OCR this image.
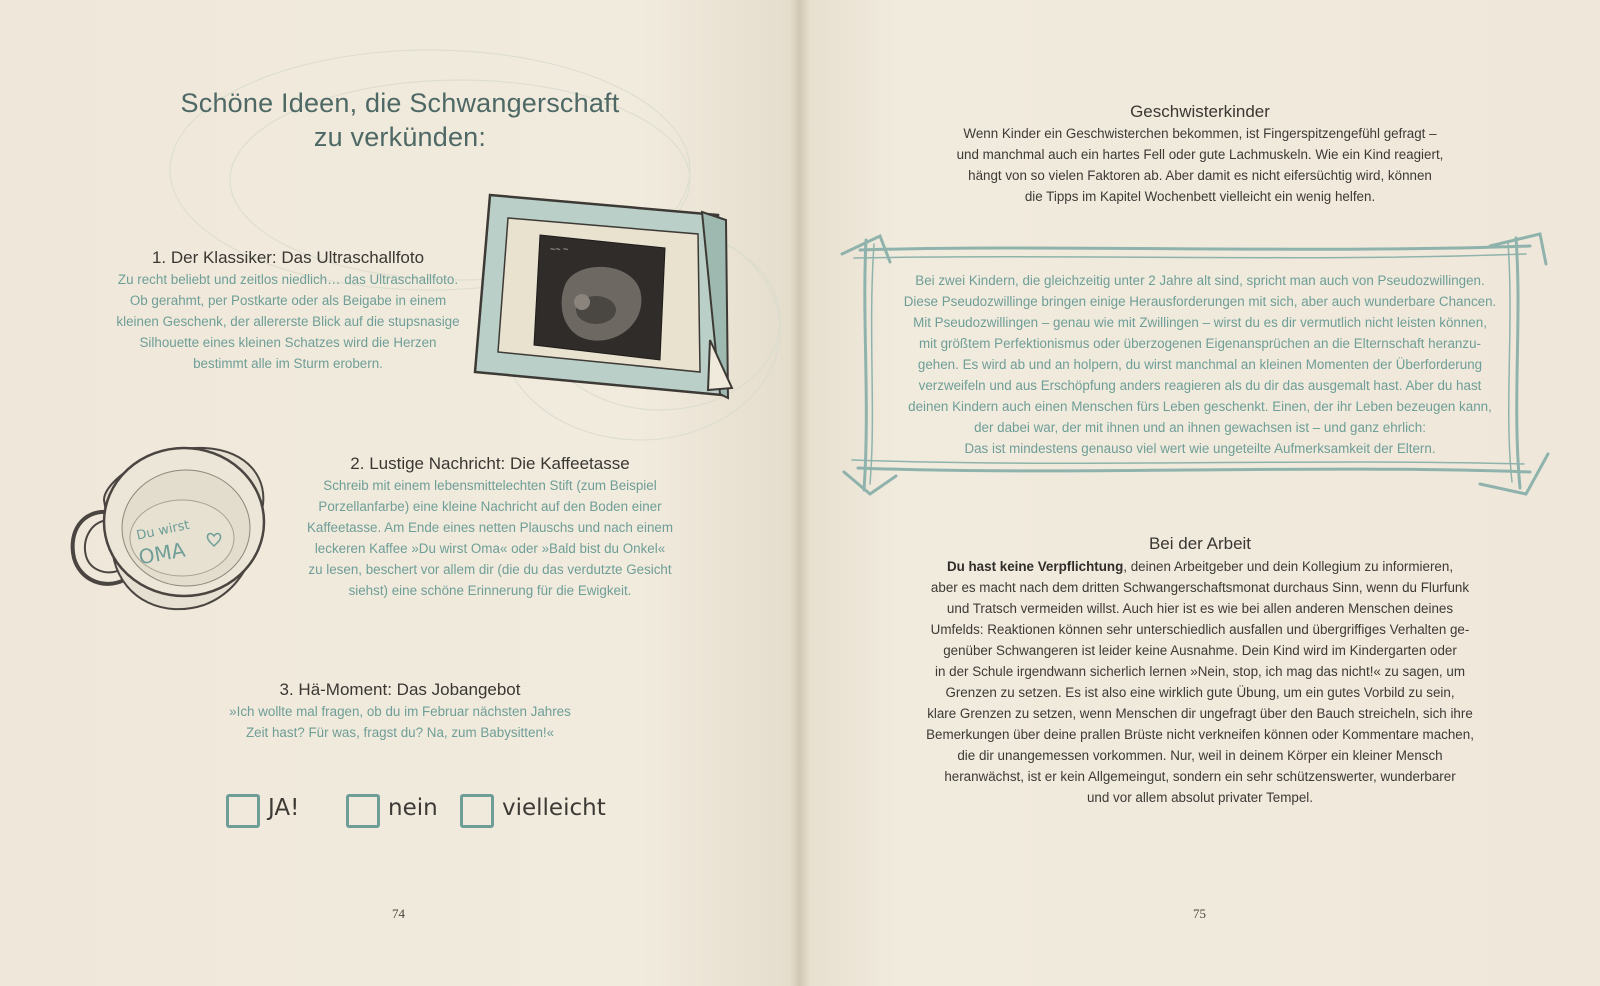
Schöne Ideen, die Schwangerschaft
zu verkünden:
~~ ~
1. Der Klassiker: Das Ultraschallfoto
Zu recht beliebt und zeitlos niedlich… das Ultraschallfoto.
Ob gerahmt, per Postkarte oder als Beigabe in einem
kleinen Geschenk, der allererste Blick auf die stupsnasige
Silhouette eines kleinen Schatzes wird die Herzen
bestimmt alle im Sturm erobern.
Du wirst
OMA
2. Lustige Nachricht: Die Kaffeetasse
Schreib mit einem lebensmittelechten Stift (zum Beispiel
Porzellanfarbe) eine kleine Nachricht auf den Boden einer
Kaffeetasse. Am Ende eines netten Plauschs und nach einem
leckeren Kaffee »Du wirst Oma« oder »Bald bist du Onkel«
zu lesen, beschert vor allem dir (die du das verdutzte Gesicht
siehst) eine schöne Erinnerung für die Ewigkeit.
3. Hä-Moment: Das Jobangebot
»Ich wollte mal fragen, ob du im Februar nächsten Jahres
Zeit hast? Für was, fragst du? Na, zum Babysitten!«
JA!	nein	vielleicht
74
Geschwisterkinder
Wenn Kinder ein Geschwisterchen bekommen, ist Fingerspitzengefühl gefragt –
und manchmal auch ein hartes Fell oder gute Lachmuskeln. Wie ein Kind reagiert,
hängt von so vielen Faktoren ab. Aber damit es nicht eifersüchtig wird, können
die Tipps im Kapitel Wochenbett vielleicht ein wenig helfen.
Bei zwei Kindern, die gleichzeitig unter 2 Jahre alt sind, spricht man auch von Pseudozwillingen.
Diese Pseudozwillinge bringen einige Herausforderungen mit sich, aber auch wunderbare Chancen.
Mit Pseudozwillingen – genau wie mit Zwillingen – wirst du es dir vermutlich nicht leisten können,
mit größtem Perfektionismus oder überzogenen Eigenansprüchen an die Elternschaft heranzu-
gehen. Es wird ab und an holpern, du wirst manchmal an kleinen Momenten der Überforderung
verzweifeln und aus Erschöpfung anders reagieren als du dir das ausgemalt hast. Aber du hast
deinen Kindern auch einen Menschen fürs Leben geschenkt. Einen, der ihr Leben bezeugen kann,
der dabei war, der mit ihnen und an ihnen gewachsen ist – und ganz ehrlich:
Das ist mindestens genauso viel wert wie ungeteilte Aufmerksamkeit der Eltern.
Bei der Arbeit
Du hast keine Verpflichtung, deinen Arbeitgeber und dein Kollegium zu informieren,
aber es macht nach dem dritten Schwangerschaftsmonat durchaus Sinn, wenn du Flurfunk
und Tratsch vermeiden willst. Auch hier ist es wie bei allen anderen Menschen deines
Umfelds: Reaktionen können sehr unterschiedlich ausfallen und übergriffiges Verhalten ge-
genüber Schwangeren ist leider keine Ausnahme. Dein Kind wird im Kindergarten oder
in der Schule irgendwann sicherlich lernen »Nein, stop, ich mag das nicht!« zu sagen, um
Grenzen zu setzen. Es ist also eine wirklich gute Übung, um ein gutes Vorbild zu sein,
klare Grenzen zu setzen, wenn Menschen dir ungefragt über den Bauch streicheln, sich ihre
Bemerkungen über deine prallen Brüste nicht verkneifen können oder Kommentare machen,
die dir unangemessen vorkommen. Nur, weil in deinem Körper ein kleiner Mensch
heranwächst, ist er kein Allgemeingut, sondern ein sehr schützenswerter, wunderbarer
und vor allem absolut privater Tempel.
75
